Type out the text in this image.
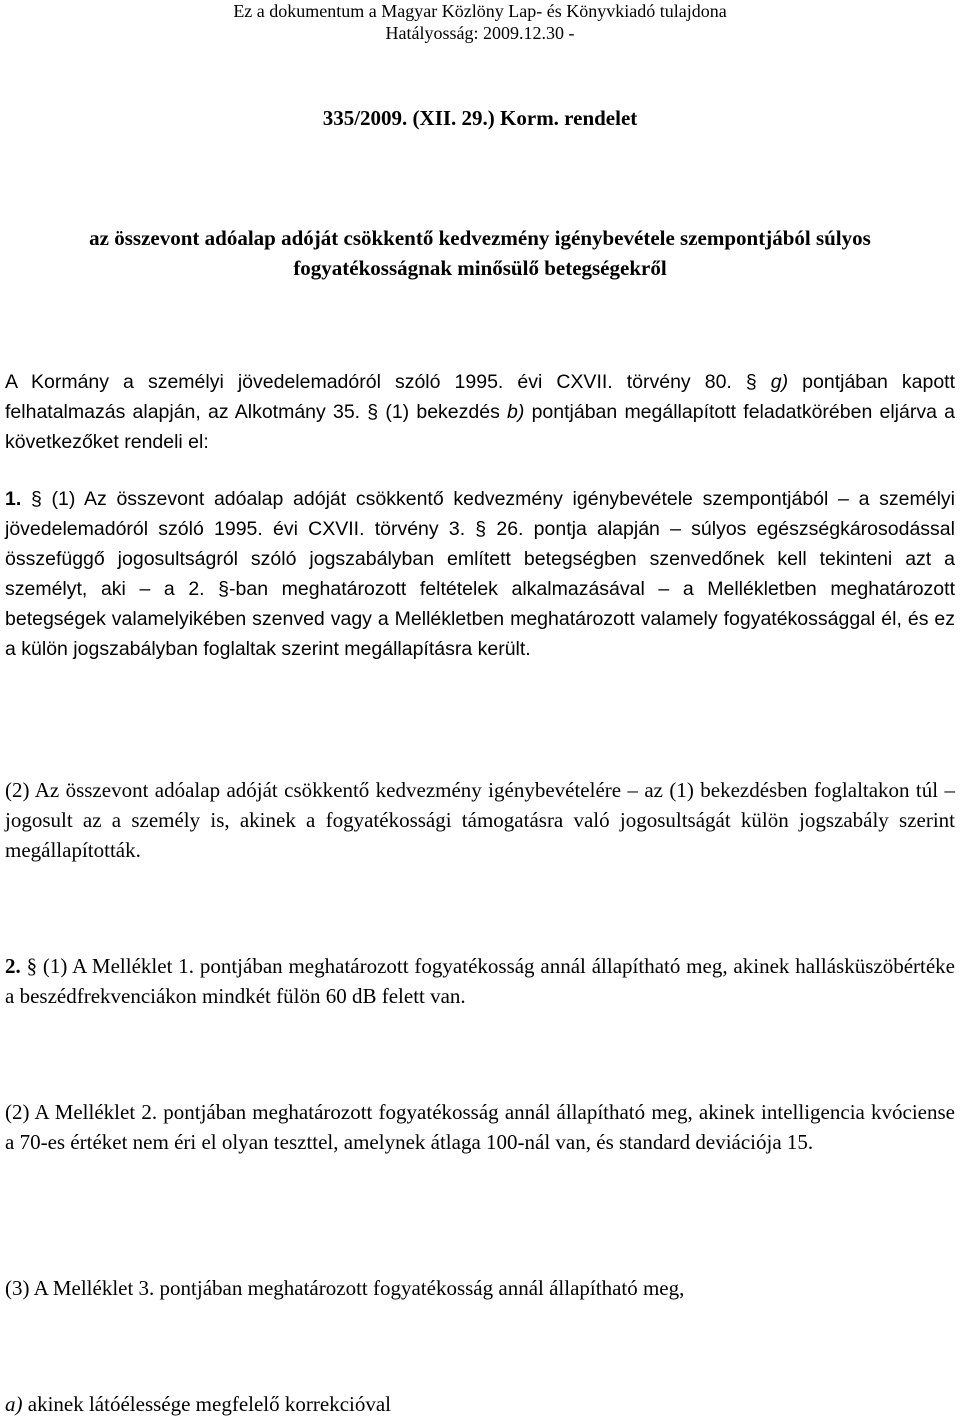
Ez a dokumentum a Magyar Közlöny Lap- és Könyvkiadó tulajdona
Hatályosság: 2009.12.30 -
335/2009. (XII. 29.) Korm. rendelet
az összevont adóalap adóját csökkentő kedvezmény igénybevétele szempontjából súlyos
fogyatékosságnak minősülő betegségekről
A Kormány a személyi jövedelemadóról szóló 1995. évi CXVII. törvény 80. § g) pontjában kapott felhatalmazás alapján, az Alkotmány 35. § (1) bekezdés b) pontjában megállapított feladatkörében eljárva a következőket rendeli el:
1. § (1) Az összevont adóalap adóját csökkentő kedvezmény igénybevétele szempontjából – a személyi jövedelemadóról szóló 1995. évi CXVII. törvény 3. § 26. pontja alapján – súlyos egészségkárosodással összefüggő jogosultságról szóló jogszabályban említett betegségben szenvedőnek kell tekinteni azt a személyt, aki – a 2. §-ban meghatározott feltételek alkalmazásával – a Mellékletben meghatározott betegségek valamelyikében szenved vagy a Mellékletben meghatározott valamely fogyatékossággal él, és ez a külön jogszabályban foglaltak szerint megállapításra került.
(2) Az összevont adóalap adóját csökkentő kedvezmény igénybevételére – az (1) bekezdésben foglaltakon túl – jogosult az a személy is, akinek a fogyatékossági támogatásra való jogosultságát külön jogszabály szerint megállapították.
2. § (1) A Melléklet 1. pontjában meghatározott fogyatékosság annál állapítható meg, akinek hallásküszöbértéke a beszédfrekvenciákon mindkét fülön 60 dB felett van.
(2) A Melléklet 2. pontjában meghatározott fogyatékosság annál állapítható meg, akinek intelligencia kvóciense a 70-es értéket nem éri el olyan teszttel, amelynek átlaga 100-nál van, és standard deviációja 15.
(3) A Melléklet 3. pontjában meghatározott fogyatékosság annál állapítható meg,
a) akinek látóélessége megfelelő korrekcióval
